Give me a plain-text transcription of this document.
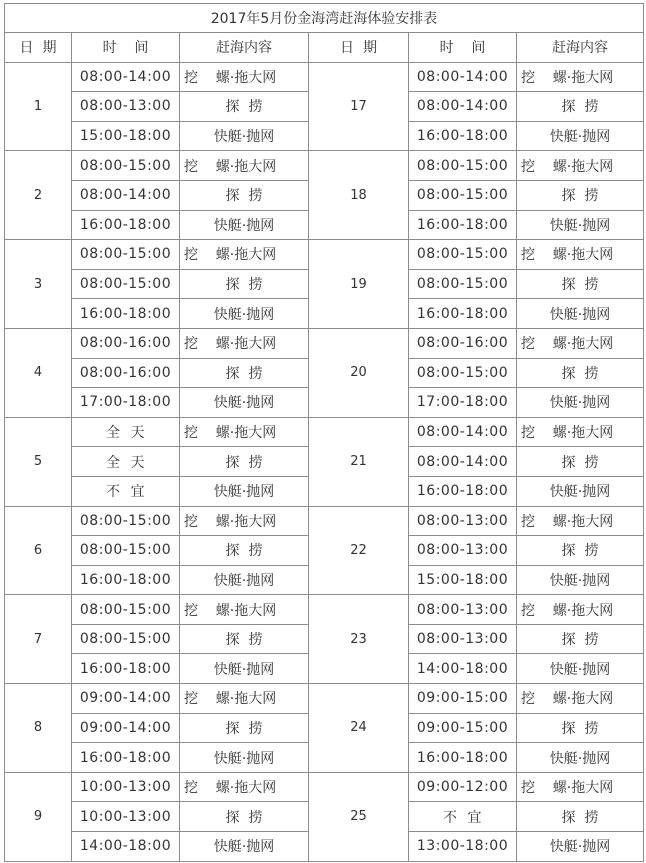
2017年5月份金海湾赶海体验安排表					
日  期	时    间	赶海内容	日  期	时    间	赶海内容
1	08:00-14:00	挖    螺·拖大网	17	08:00-14:00	挖    螺·拖大网
	08:00-13:00	探  捞		08:00-14:00	探  捞
	15:00-18:00	快艇·抛网		16:00-18:00	快艇·抛网
2	08:00-15:00	挖    螺·拖大网	18	08:00-15:00	挖    螺·拖大网
	08:00-14:00	探  捞		08:00-15:00	探  捞
	16:00-18:00	快艇·抛网		16:00-18:00	快艇·抛网
3	08:00-15:00	挖    螺·拖大网	19	08:00-15:00	挖    螺·拖大网
	08:00-15:00	探  捞		08:00-15:00	探  捞
	16:00-18:00	快艇·抛网		16:00-18:00	快艇·抛网
4	08:00-16:00	挖    螺·拖大网	20	08:00-16:00	挖    螺·拖大网
	08:00-16:00	探  捞		08:00-15:00	探  捞
	17:00-18:00	快艇·抛网		17:00-18:00	快艇·抛网
5	全  天	挖    螺·拖大网	21	08:00-14:00	挖    螺·拖大网
	全  天	探  捞		08:00-14:00	探  捞
	不  宜	快艇·抛网		16:00-18:00	快艇·抛网
6	08:00-15:00	挖    螺·拖大网	22	08:00-13:00	挖    螺·拖大网
	08:00-15:00	探  捞		08:00-13:00	探  捞
	16:00-18:00	快艇·抛网		15:00-18:00	快艇·抛网
7	08:00-15:00	挖    螺·拖大网	23	08:00-13:00	挖    螺·拖大网
	08:00-15:00	探  捞		08:00-13:00	探  捞
	16:00-18:00	快艇·抛网		14:00-18:00	快艇·抛网
8	09:00-14:00	挖    螺·拖大网	24	09:00-15:00	挖    螺·拖大网
	09:00-14:00	探  捞		09:00-15:00	探  捞
	16:00-18:00	快艇·抛网		16:00-18:00	快艇·抛网
9	10:00-13:00	挖    螺·拖大网	25	09:00-12:00	挖    螺·拖大网
	10:00-13:00	探  捞		不  宜	探  捞
	14:00-18:00	快艇·抛网		13:00-18:00	快艇·抛网
